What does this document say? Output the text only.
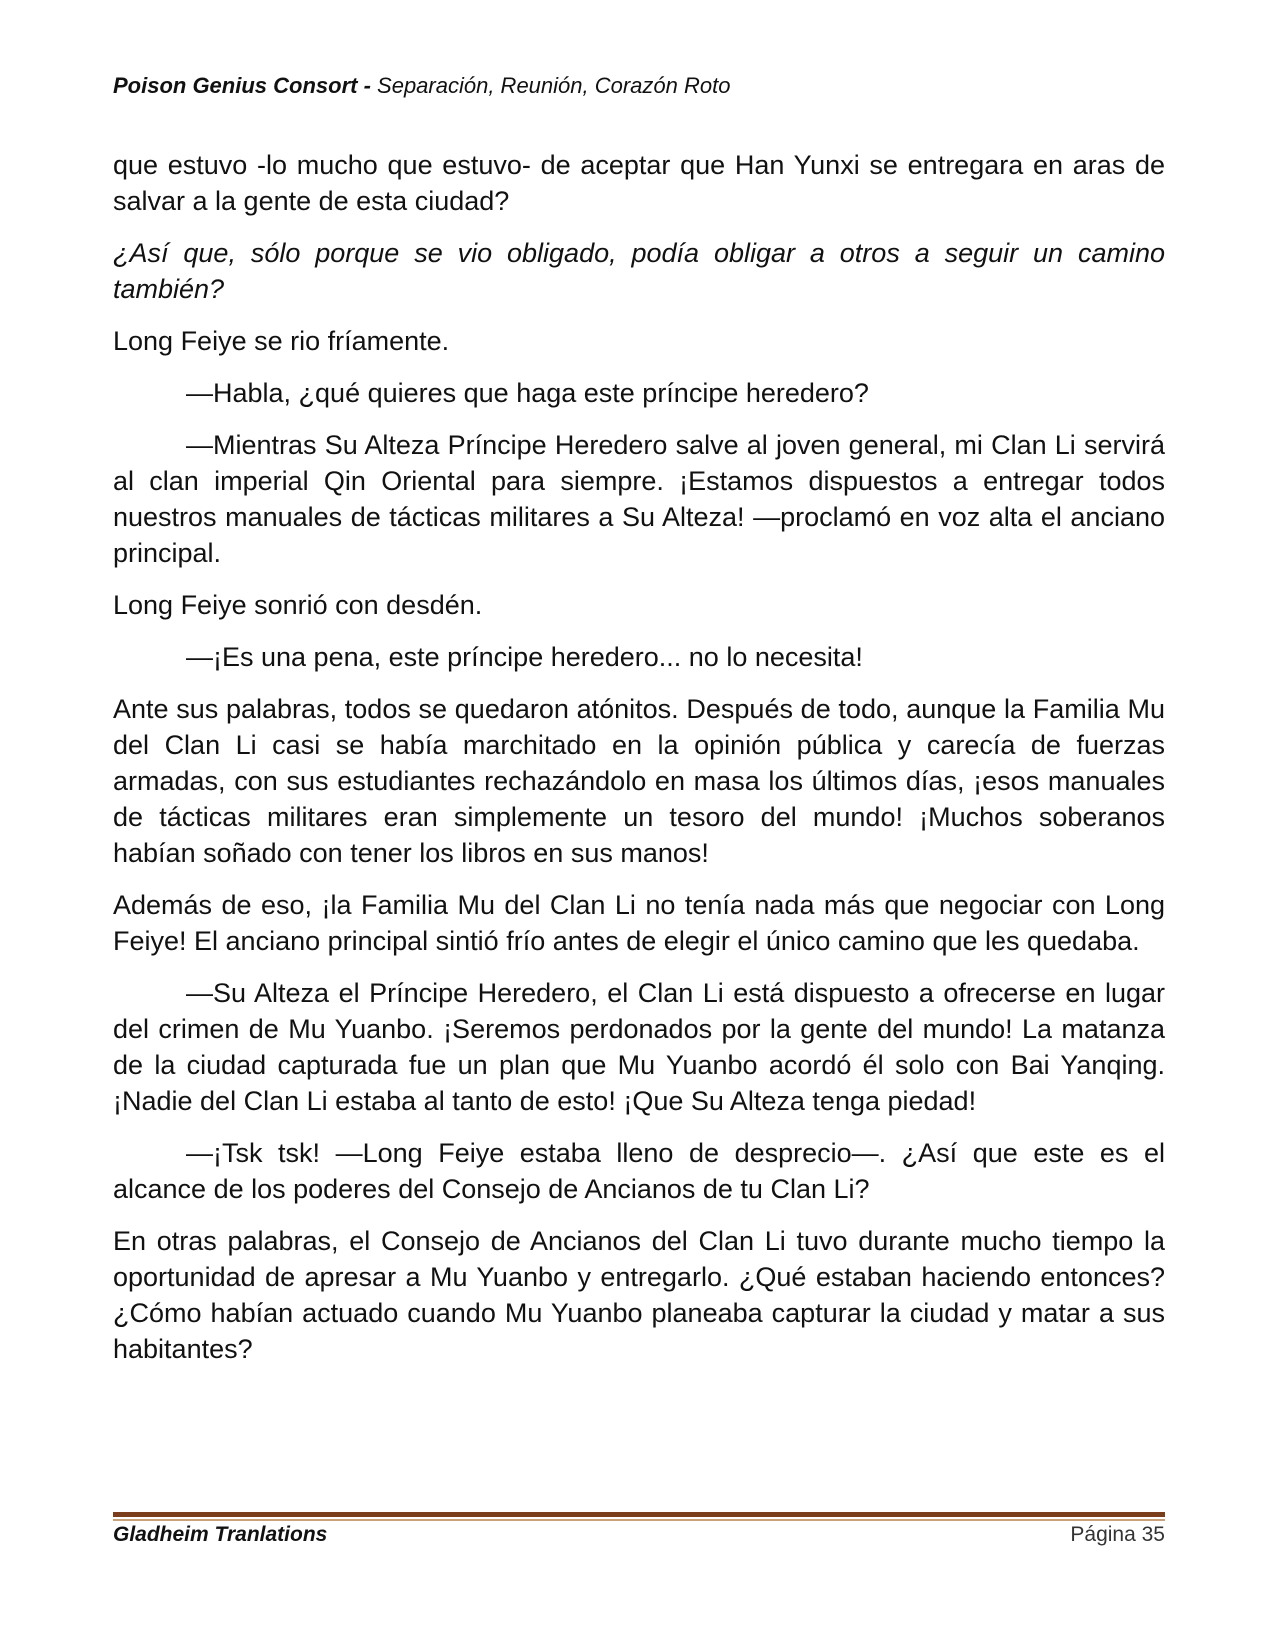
Poison Genius Consort - Separación, Reunión, Corazón Roto

que estuvo -lo mucho que estuvo- de aceptar que Han Yunxi se entregara en aras de salvar a la gente de esta ciudad?

¿Así que, sólo porque se vio obligado, podía obligar a otros a seguir un camino también?

Long Feiye se rio fríamente.

—Habla, ¿qué quieres que haga este príncipe heredero?

—Mientras Su Alteza Príncipe Heredero salve al joven general, mi Clan Li servirá al clan imperial Qin Oriental para siempre. ¡Estamos dispuestos a entregar todos nuestros manuales de tácticas militares a Su Alteza! —proclamó en voz alta el anciano principal.

Long Feiye sonrió con desdén.

—¡Es una pena, este príncipe heredero... no lo necesita!

Ante sus palabras, todos se quedaron atónitos. Después de todo, aunque la Familia Mu del Clan Li casi se había marchitado en la opinión pública y carecía de fuerzas armadas, con sus estudiantes rechazándolo en masa los últimos días, ¡esos manuales de tácticas militares eran simplemente un tesoro del mundo! ¡Muchos soberanos habían soñado con tener los libros en sus manos!

Además de eso, ¡la Familia Mu del Clan Li no tenía nada más que negociar con Long Feiye! El anciano principal sintió frío antes de elegir el único camino que les quedaba.

—Su Alteza el Príncipe Heredero, el Clan Li está dispuesto a ofrecerse en lugar del crimen de Mu Yuanbo. ¡Seremos perdonados por la gente del mundo! La matanza de la ciudad capturada fue un plan que Mu Yuanbo acordó él solo con Bai Yanqing. ¡Nadie del Clan Li estaba al tanto de esto! ¡Que Su Alteza tenga piedad!

—¡Tsk tsk! —Long Feiye estaba lleno de desprecio—. ¿Así que este es el alcance de los poderes del Consejo de Ancianos de tu Clan Li?

En otras palabras, el Consejo de Ancianos del Clan Li tuvo durante mucho tiempo la oportunidad de apresar a Mu Yuanbo y entregarlo. ¿Qué estaban haciendo entonces? ¿Cómo habían actuado cuando Mu Yuanbo planeaba capturar la ciudad y matar a sus habitantes?

Gladheim Tranlations	Página 35
